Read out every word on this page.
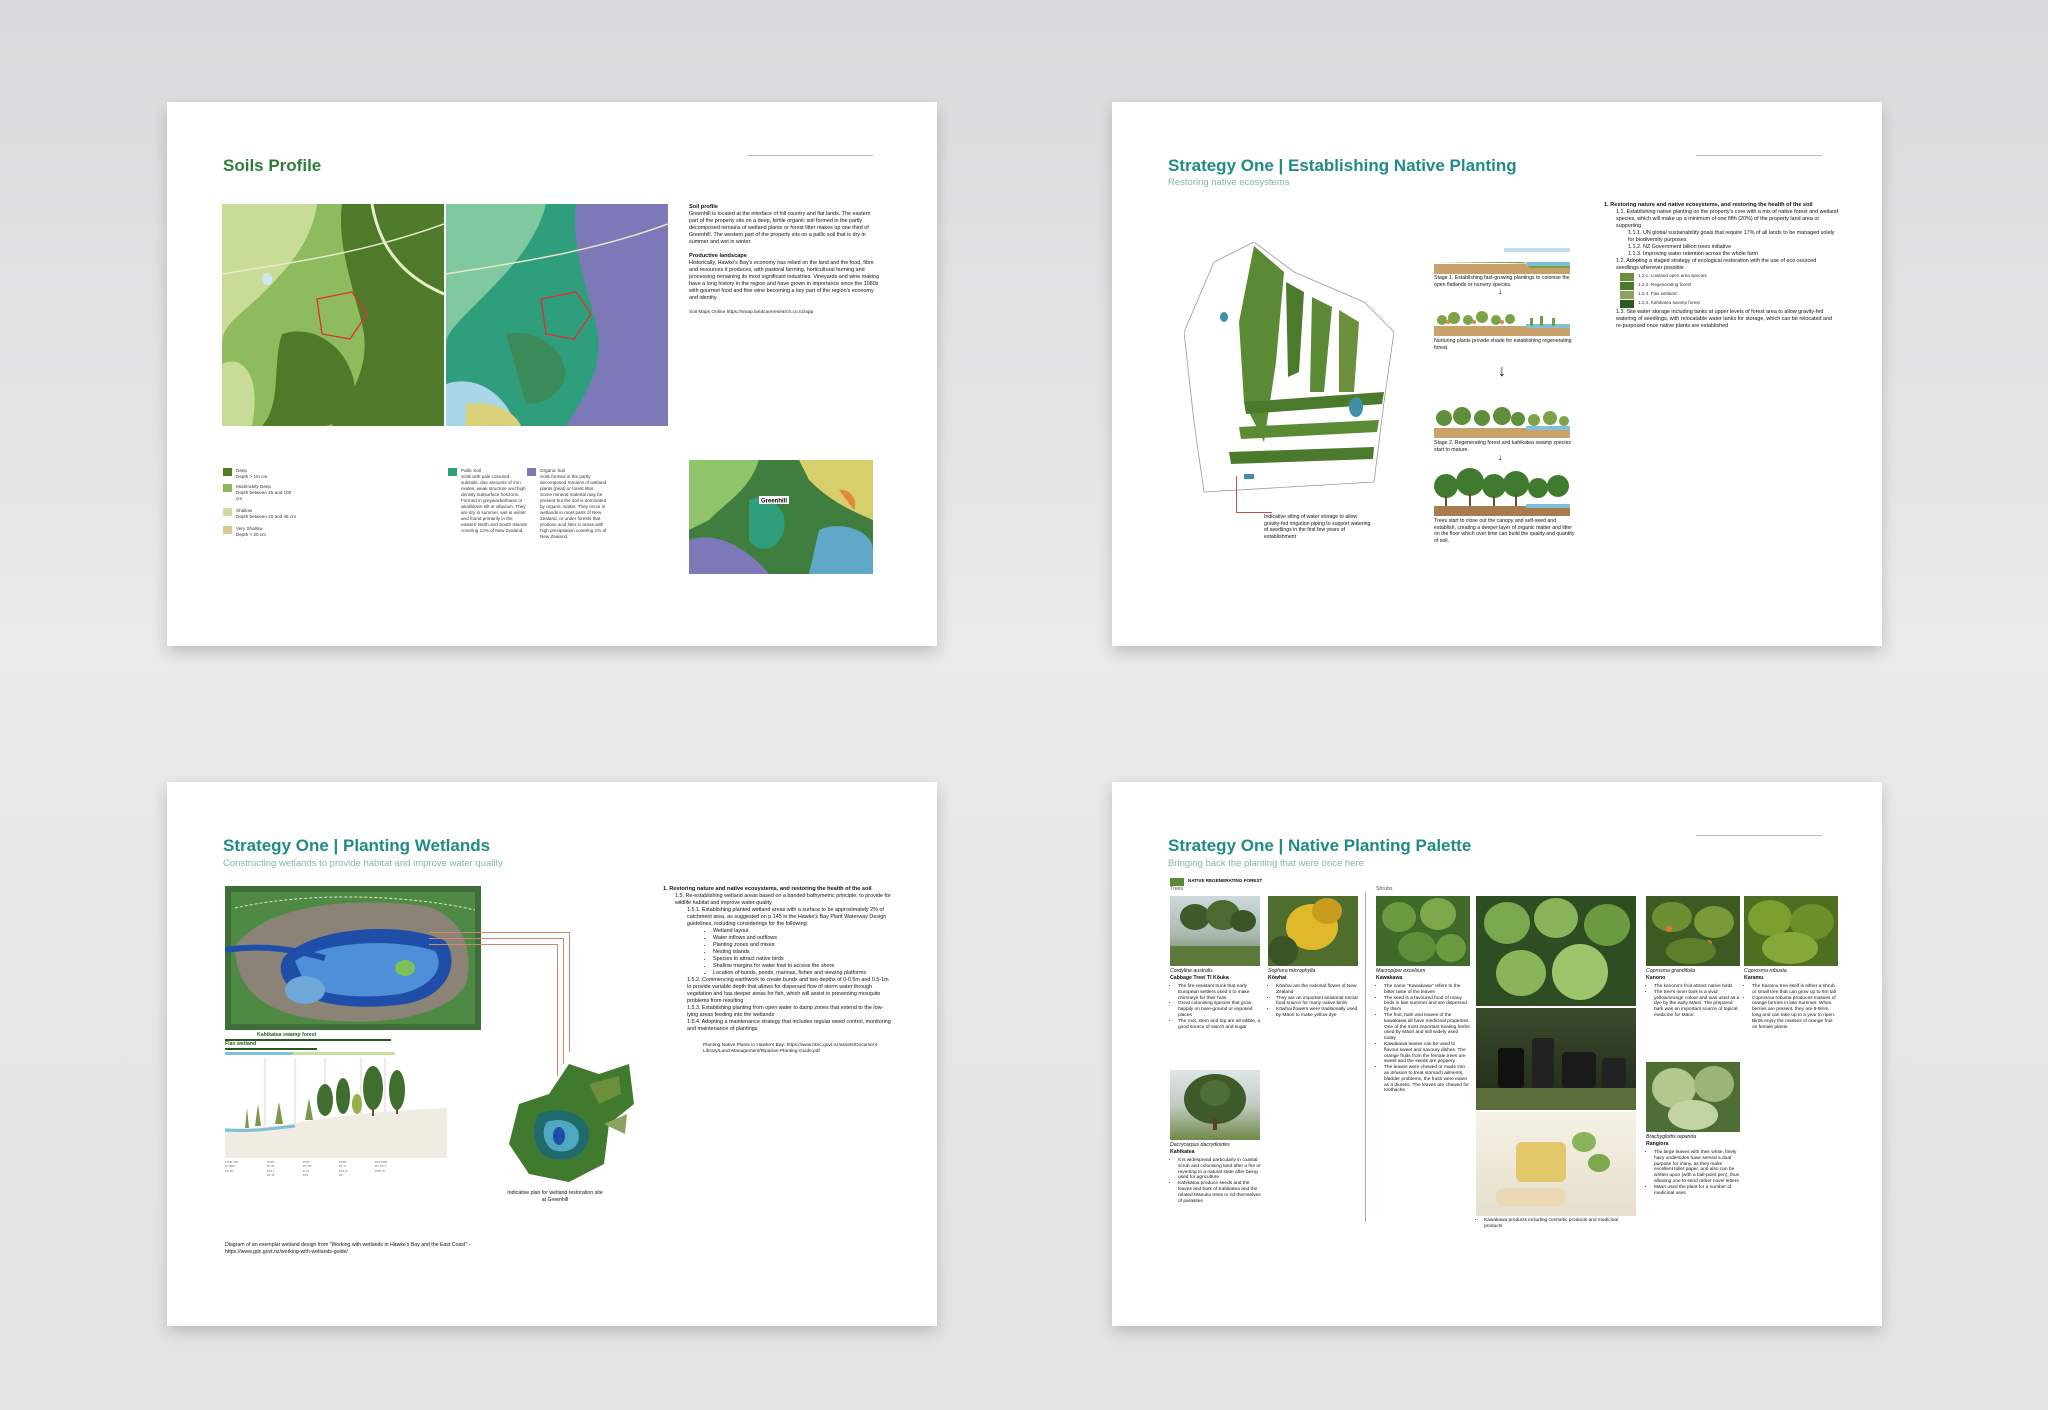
Soils Profile
Deep
Depth > 1m cm
Moderately Deep
Depth between 45 and 100 cm
Shallow
Depth between 20 and 45 cm
Very Shallow
Depth < 20 cm
Pallic Soil
Soils with pale coloured subsoils, due amounts of iron oxides, weak structure and high density subsurface horizons. Formed in greywacke/loess or windblown silt or alluvium. They are dry in summer, wet in winter and found primarily in the eastern North and South Islands covering 12% of New Zealand.
Organic Soil
Soils formed in the partly decomposed remains of wetland plants (peat) or forest litter. Some mineral material may be present but the soil is dominated by organic matter. They occur in wetlands in most parts of New Zealand, or under forests that produce acid litter in areas with high precipitation covering 1% of New Zealand.
Soil profile
Greenhill is located at the interface of hill country and flat lands. The eastern part of the property sits on a deep, fertile organic soil formed in the partly decomposed remains of wetland plants or forest litter makes up one third of Greenhill. The western part of the property sits on a pallic soil that is dry in summer and wet in winter.

Productive landscape
Historically, Hawke's Bay's economy has relied on the land and the food, fibre and resources it produces, with pastoral farming, horticultural farming and processing remaining its most significant industries. Vineyards and wine making have a long history in the region and have grown in importance since the 1980s with gourmet food and fine wine becoming a key part of the region's economy and identity.

Soil Maps Online https://smap.landcareresearch.co.nz/app
Greenhill
Strategy One | Establishing Native Planting
Restoring native ecosystems
Indicative siting of water storage to allow gravity-fed irrigation piping to support watering of seedlings in the first few years of establishment
Stage 1. Establishing fast-growing plantings to colonise the open flatlands or nursery species.
↓
Nurturing plants provide shade for establishing regenerating forest.
↓
Stage 2. Regenerating forest and kahikatea swamp species start to mature.
↓
Trees start to close out the canopy and self-seed and establish, creating a deeper layer of organic matter and litter on the floor which over time can build the quality and quantity of soil.
1. Restoring nature and native ecosystems, and restoring the health of the soil
1.1. Establishing native planting on the property's core with a mix of native forest and wetland species, which will make up a minimum of one fifth (20%) of the property land area or supporting
1.1.1. UN global sustainability goals that require 17% of all lands to be managed solely for biodiversity purposes
1.1.2. NZ Government billion trees initiative
1.1.3. Improving water retention across the whole farm
1.2. Adopting a staged strategy of ecological restoration with the use of eco-sourced seedlings wherever possible
1.2.1. Lowland open area species
1.2.2. Regenerating forest
1.2.3. Flax wetland
1.2.4. Kahikatea swamp forest
1.3. Site water storage including tanks at upper levels of forest area to allow gravity-fed watering of seedlings, with relocatable water tanks for storage, which can be relocated and re-purposed once native plants are established
Strategy One | Planting Wetlands
Constructing wetlands to provide habitat and improve water quality
Kahikatea swamp forest
Flax wetland
▪ ▪▪▪▪ ▪▪▪▪
▪▪ ▪▪▪▪▪
▪▪▪ ▪▪▪
▪▪▪▪▪▪
▪▪ ▪▪▪
▪▪▪▪ ▪
▪▪▪ ▪▪
▪▪▪▪▪
▪▪▪ ▪▪▪
▪▪ ▪▪
▪▪▪▪
▪▪▪▪▪▪
▪▪▪ ▪
▪▪▪▪ ▪▪
▪▪▪
▪▪▪▪ ▪▪▪▪▪
▪▪▪ ▪▪▪ ▪
▪▪▪▪▪ ▪▪
Diagram of an exemplar wetland design from "Working with wetlands in Hawke's Bay and the East Coast" - https://www.gdc.govt.nz/working-with-wetlands-guide/
Indicative plan for wetland restoration site at Greenhill
1. Restoring nature and native ecosystems, and restoring the health of the soil
1.5. Re-establishing wetland areas based on a banded bathymetric principle, to provide for wildlife habitat and improve water quality
1.5.1. Establishing planted wetland areas with a surface to be approximately 2% of catchment area, as suggested on p.145 in the Hawke's Bay Plant Waterway Design guidelines, including considerings for the following:
• Wetland layout
• Water inflows and outflows
• Planting zones and mixes
• Nesting islands
• Species to attract native birds
• Shallow margins for water fowl to access the shore
• Location of bunds, ponds, marinas, fishes and viewing platforms
1.5.2. Commencing earthwork to create bunds and two depths of 0-0.5m and 0.5-1m to provide variable depth that allows for dispersed flow of storm water through vegetation and has deeper areas for fish, which will assist in preventing mosquito problems from resulting
1.5.3. Establishing planting from open water to damp zones that extend to the low-lying areas feeding into the wetlands
1.5.4. Adopting a maintenance strategy that includes regular weed control, monitoring and maintenance of plantings
Planting Native Plants in Hawke's Bay: https://www.hbrc.govt.nz/assets/Document-Library/Land-Management/Riparian-Planting-Guide.pdf
Strategy One | Native Planting Palette
Bringing back the planting that were once here
NATIVE REGENERATING FOREST
Trees	Shrubs
Cordyline australis
Cabbage Tree/ Tī Kōuka
• The fire-resistant trunk that early European settlers used it to make chimneys for their huts
• Great colonising species that grow happily on bare-ground or exposed places
• The root, stem and top are all edible, a good source of starch and sugar
Sophora microphylla
Kōwhai
• Kōwhai are the national flower of New Zealand
• They are an important seasonal nectar food source for many native birds
• Kōwhai flowers were traditionally used by Māori to make yellow dye
Dacrycarpus dacrydioides
Kahikatea
• It is widespread particularly in coastal scrub and colonising land after a fire or reverting to a natural state after being used for agriculture
• Kāhikātoa produce seeds and the leaves and bark of Kahikatea and the related Mānuka trees to rid themselves of parasites
Macropiper excelsum
Kawakawa
• The name "Kawakawa" refers to the bitter taste of the leaves
• The seed is a favoured food of many birds in late summer and are dispersed by them
• The fruit, bark and leaves of the kawakawa all have medicinal properties. One of the most important healing herbs used by Māori and still widely used today
• Kawakawa leaves can be used to flavour sweet and savoury dishes. The orange fruits from the female trees are sweet and the seeds are peppery
• The leaves were chewed or made into an infusion to treat stomach ailments, bladder problems, the fruits were eaten as a diuretic. The leaves are chewed for toothache
• Kawakawa products including cosmetic products and medicinal products
Coprosma grandifolia
Kanono
• The kanono's fruit attract native birds
• The tree's inner bark is a vivid yellow/orange colour and was used as a dye by the early Māori. The prepared bark was an important source of topical medicine for Māori.
Coprosma robusta
Karamu
• The Karamu tree itself is either a shrub or small tree that can grow up to 6m tall
• Coprosma robusta produces masses of orange berries in late Summer. When berries are present, they are 8-9mm long and can take up to a year to ripen. Birds enjoy the masses of orange fruit on female plants
Brachyglottis repanda
Rangiora
• The large leaves with their white, finely hairy undersides have served a dual purpose for many, as they make excellent toilet paper, and also can be written upon (with a ball-point pen), thus allowing one to send rather novel letters
• Māori used the plant for a number of medicinal uses
